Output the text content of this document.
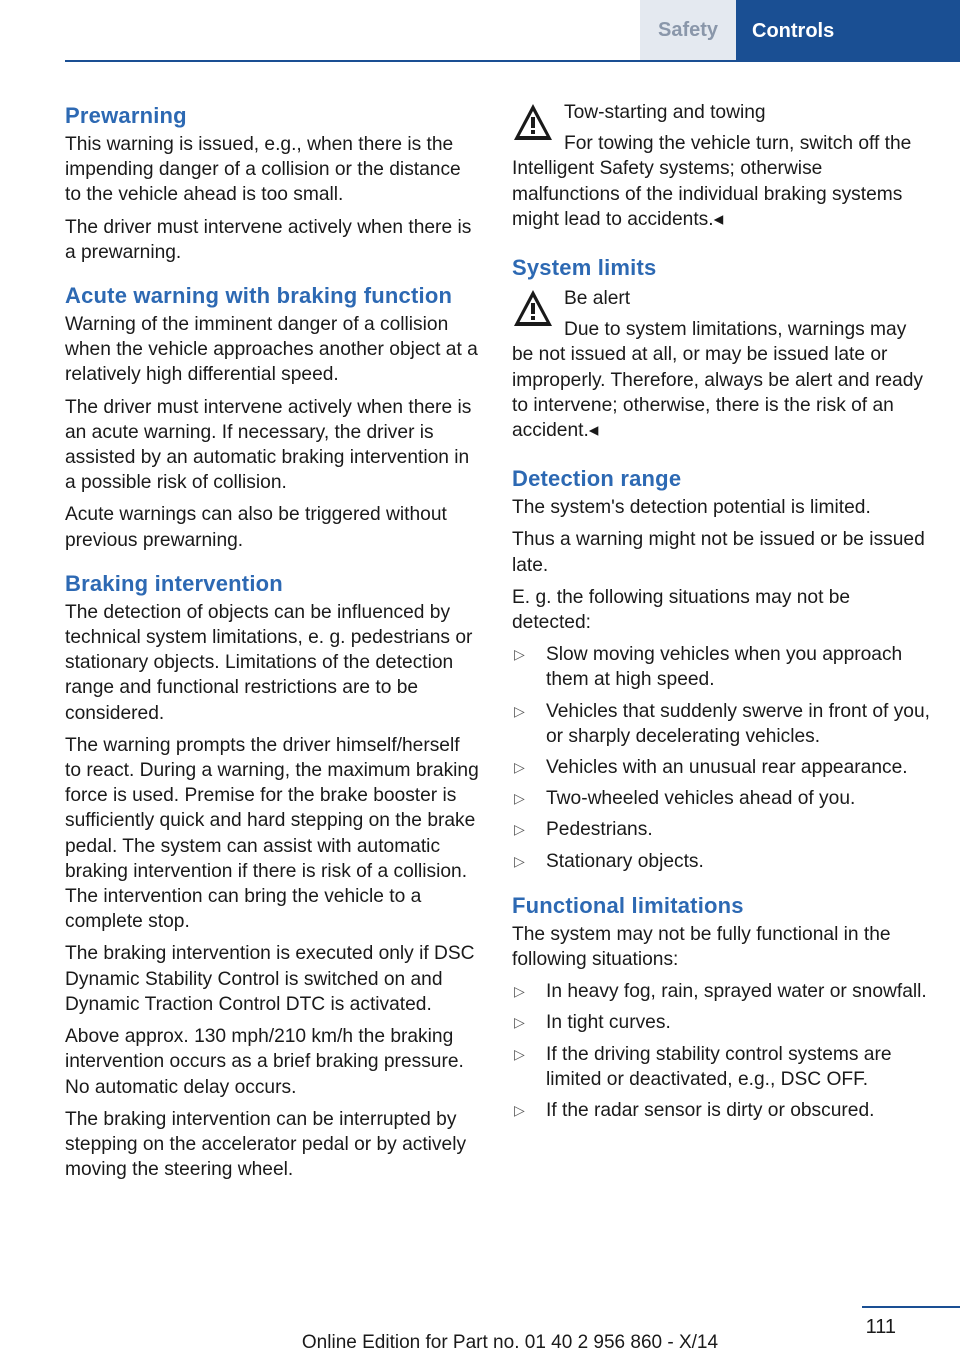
Safety	Controls
Prewarning

This warning is issued, e.g., when there is the impending danger of a collision or the distance to the vehicle ahead is too small.

The driver must intervene actively when there is a prewarning.

Acute warning with braking function

Warning of the imminent danger of a collision when the vehicle approaches another object at a relatively high differential speed.

The driver must intervene actively when there is an acute warning. If necessary, the driver is assisted by an automatic braking intervention in a possible risk of collision.

Acute warnings can also be triggered without previous prewarning.

Braking intervention

The detection of objects can be influenced by technical system limitations, e. g. pedestrians or stationary objects. Limitations of the detection range and functional restrictions are to be considered.

The warning prompts the driver himself/herself to react. During a warning, the maximum braking force is used. Premise for the brake booster is sufficiently quick and hard stepping on the brake pedal. The system can assist with automatic braking intervention if there is risk of a collision. The intervention can bring the vehicle to a complete stop.

The braking intervention is executed only if DSC Dynamic Stability Control is switched on and Dynamic Traction Control DTC is activated.

Above approx. 130 mph/210 km/h the braking intervention occurs as a brief braking pressure. No automatic delay occurs.

The braking intervention can be interrupted by stepping on the accelerator pedal or by actively moving the steering wheel.

Tow-starting and towing

For towing the vehicle turn, switch off the Intelligent Safety systems; otherwise malfunctions of the individual braking systems might lead to accidents.◂

System limits

Be alert

Due to system limitations, warnings may be not issued at all, or may be issued late or improperly. Therefore, always be alert and ready to intervene; otherwise, there is the risk of an accident.◂

Detection range

The system's detection potential is limited.

Thus a warning might not be issued or be issued late.

E. g. the following situations may not be detected:

▷ Slow moving vehicles when you approach them at high speed.
▷ Vehicles that suddenly swerve in front of you, or sharply decelerating vehicles.
▷ Vehicles with an unusual rear appearance.
▷ Two-wheeled vehicles ahead of you.
▷ Pedestrians.
▷ Stationary objects.
Functional limitations

The system may not be fully functional in the following situations:

▷ In heavy fog, rain, sprayed water or snowfall.
▷ In tight curves.
▷ If the driving stability control systems are limited or deactivated, e.g., DSC OFF.
▷ If the radar sensor is dirty or obscured.
111
Online Edition for Part no. 01 40 2 956 860 - X/14
